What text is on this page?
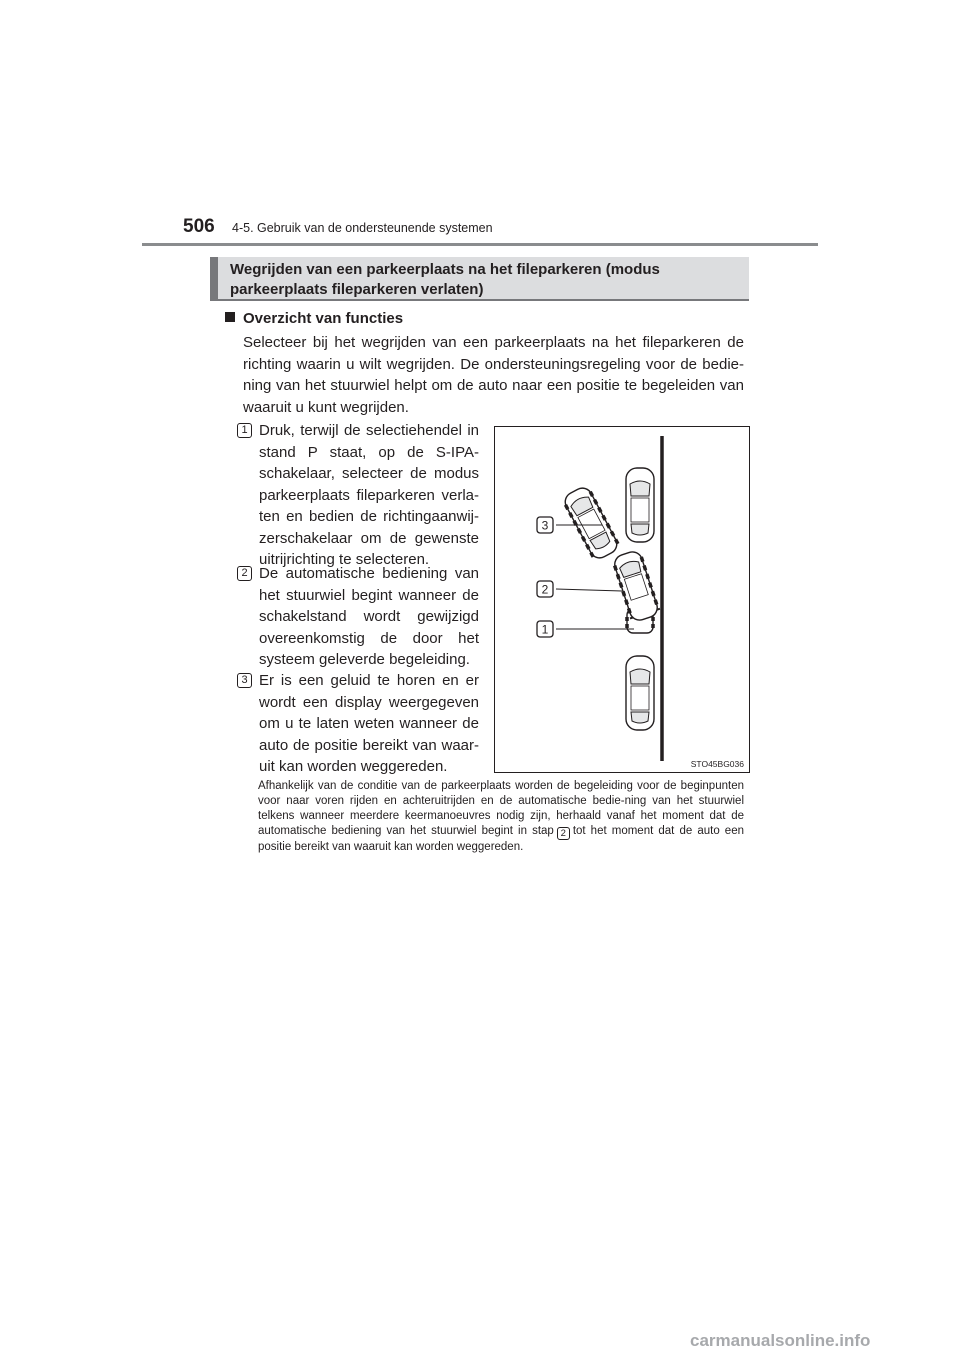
506 4-5. Gebruik van de ondersteunende systemen
Wegrijden van een parkeerplaats na het fileparkeren (modus parkeerplaats fileparkeren verlaten)
Overzicht van functies
Selecteer bij het wegrijden van een parkeerplaats na het fileparkeren de richting waarin u wilt wegrijden. De ondersteuningsregeling voor de bedie-ning van het stuurwiel helpt om de auto naar een positie te begeleiden van waaruit u kunt wegrijden.
1 Druk, terwijl de selectiehendel in stand P staat, op de S-IPA-schakelaar, selecteer de modus parkeerplaats fileparkeren verla-ten en bedien de richtingaanwij-zerschakelaar om de gewenste uitrijrichting te selecteren.
2 De automatische bediening van het stuurwiel begint wanneer de schakelstand wordt gewijzigd overeenkomstig de door het systeem geleverde begeleiding.
3 Er is een geluid te horen en er wordt een display weergegeven om u te laten weten wanneer de auto de positie bereikt van waar-uit kan worden weggereden.
3
2
1
STO45BG036
Afhankelijk van de conditie van de parkeerplaats worden de begeleiding voor de beginpunten voor naar voren rijden en achteruitrijden en de automatische bedie-ning van het stuurwiel telkens wanneer meerdere keermanoeuvres nodig zijn, herhaald vanaf het moment dat de automatische bediening van het stuurwiel begint in stap 2 tot het moment dat de auto een positie bereikt van waaruit kan worden weggereden.
carmanualsonline.info
